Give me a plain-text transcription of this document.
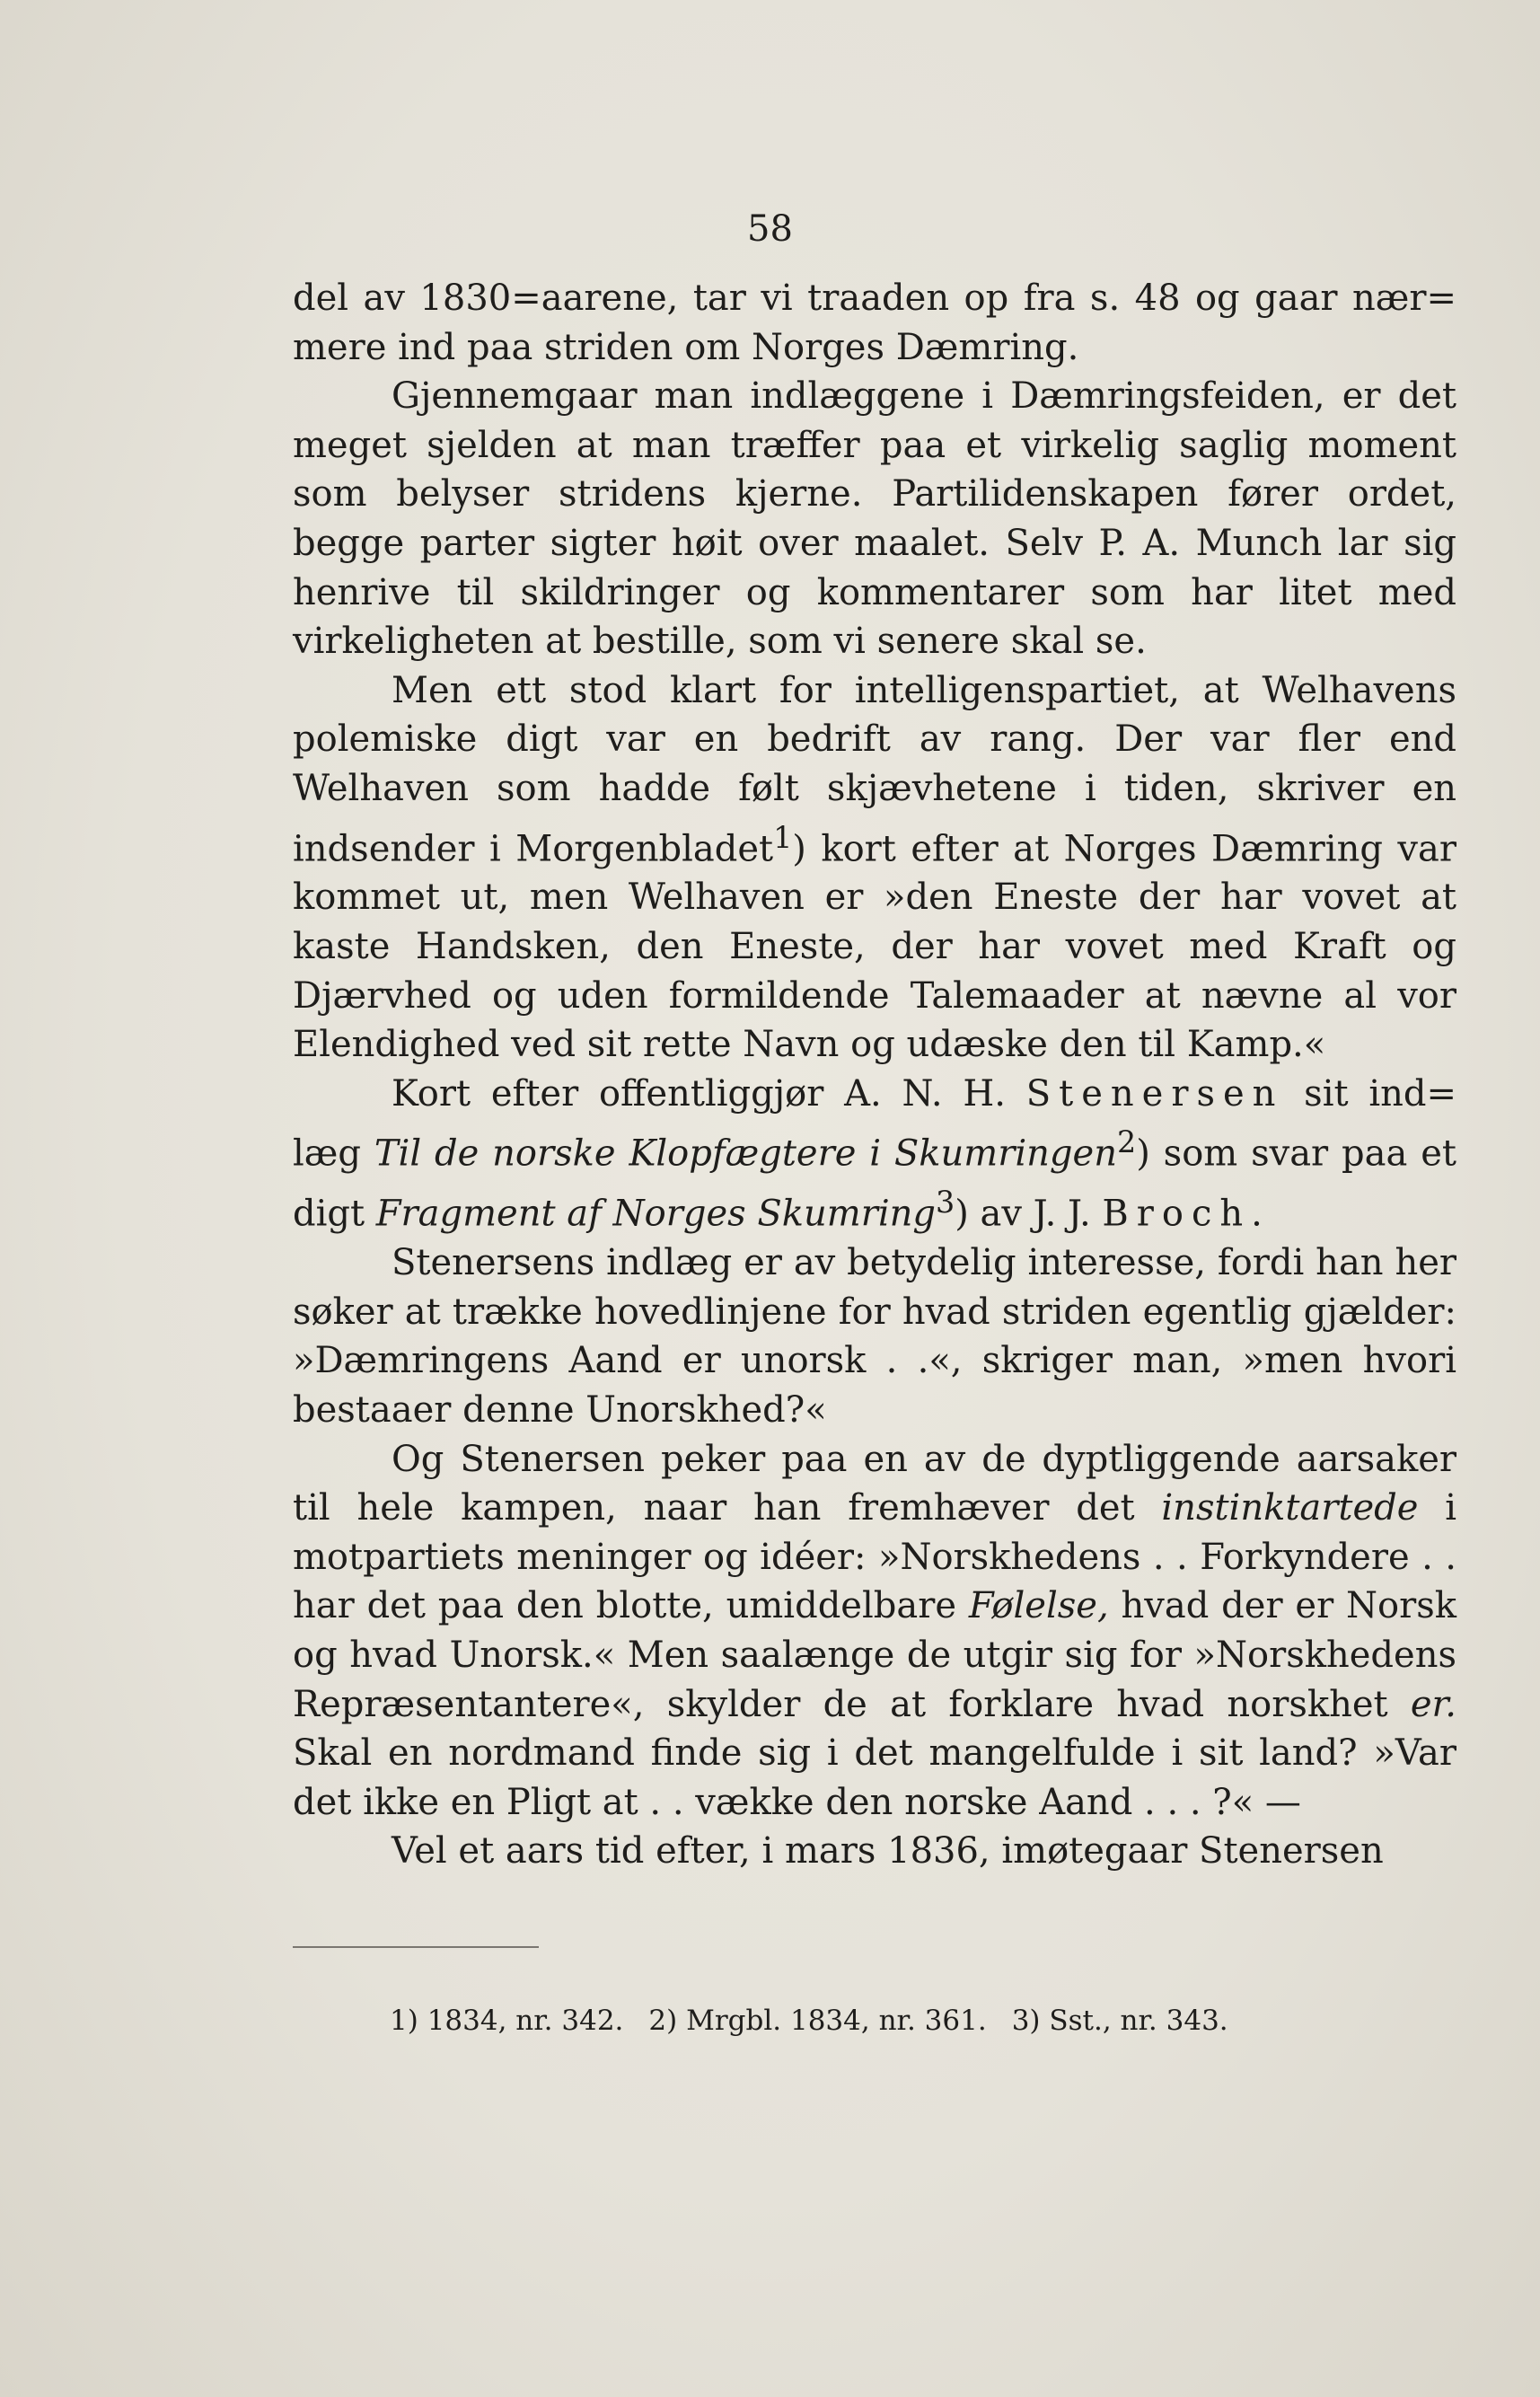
58

del av 1830=aarene, tar vi traaden op fra s. 48 og gaar nær= mere ind paa striden om Norges Dæmring.

Gjennemgaar man indlæggene i Dæmringsfeiden, er det meget sjelden at man træffer paa et virkelig saglig moment som belyser stridens kjerne. Partilidenskapen fører ordet, begge parter sigter høit over maalet. Selv P. A. Munch lar sig henrive til skildringer og kommentarer som har litet med virkeligheten at bestille, som vi senere skal se.

Men ett stod klart for intelligenspartiet, at Welhavens polemiske digt var en bedrift av rang. Der var fler end Welhaven som hadde følt skjævhetene i tiden, skriver en indsender i Morgenbladet$^1$) kort efter at Norges Dæmring var kommet ut, men Welhaven er »den Eneste der har vovet at kaste Handsken, den Eneste, der har vovet med Kraft og Djærvhed og uden formildende Talemaader at nævne al vor Elendighed ved sit rette Navn og udæske den til Kamp.«

Kort efter offentliggjør A. N. H. Stenersen sit ind= læg Til de norske Klopfægtere i Skumringen$^2$) som svar paa et digt Fragment af Norges Skumring$^3$) av J. J. Broch.

Stenersens indlæg er av betydelig interesse, fordi han her søker at trække hovedlinjene for hvad striden egentlig gjælder: »Dæmringens Aand er unorsk . .«, skriger man, »men hvori bestaaer denne Unorskhed?«

Og Stenersen peker paa en av de dyptliggende aarsaker til hele kampen, naar han fremhæver det instinktartede i motpartiets meninger og idéer: »Norskhedens . . Forkyndere . . har det paa den blotte, umiddelbare Følelse, hvad der er Norsk og hvad Unorsk.« Men saalænge de utgir sig for »Norskhedens Repræsentantere«, skylder de at forklare hvad norskhet er. Skal en nordmand finde sig i det mangelfulde i sit land? »Var det ikke en Pligt at . . vække den norske Aand . . . ?« —

Vel et aars tid efter, i mars 1836, imøtegaar Stenersen

1) 1834, nr. 342. 2) Mrgbl. 1834, nr. 361. 3) Sst., nr. 343.
